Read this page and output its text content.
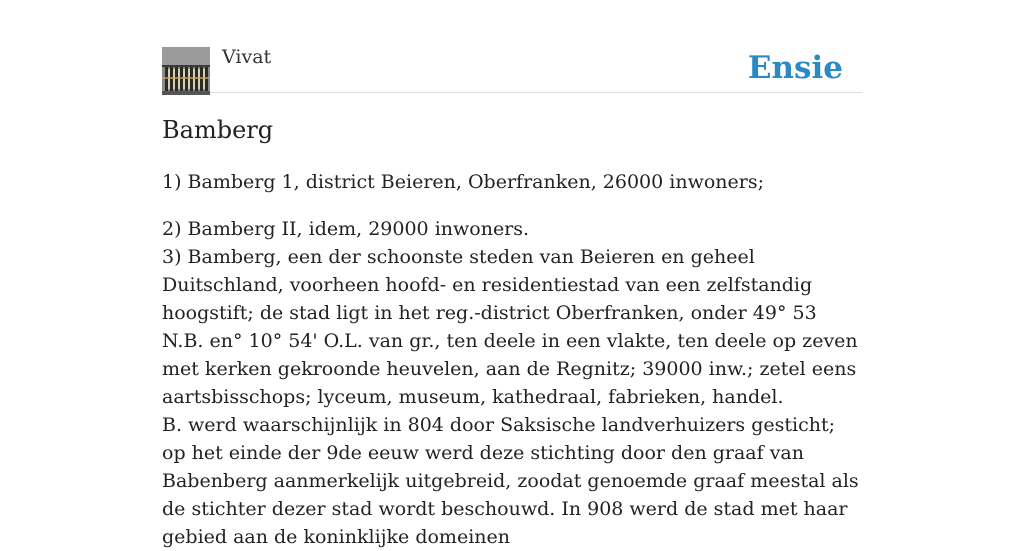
Vivat	Ensie
Bamberg

1) Bamberg 1, district Beieren, Oberfranken, 26000 inwoners;

2) Bamberg II, idem, 29000 inwoners.

3) Bamberg, een der schoonste steden van Beieren en geheel Duitschland, voorheen hoofd- en residentiestad van een zelfstandig hoogstift; de stad ligt in het reg.-district Oberfranken, onder 49° 53 N.B. en° 10° 54' O.L. van gr., ten deele in een vlakte, ten deele op zeven met kerken gekroonde heuvelen, aan de Regnitz; 39000 inw.; zetel eens aartsbisschops; lyceum, museum, kathedraal, fabrieken, handel.

B. werd waarschijnlijk in 804 door Saksische landverhuizers gesticht; op het einde der 9de eeuw werd deze stichting door den graaf van Babenberg aanmerkelijk uitgebreid, zoodat genoemde graaf meestal als de stichter dezer stad wordt beschouwd. In 908 werd de stad met haar gebied aan de koninklijke domeinen
